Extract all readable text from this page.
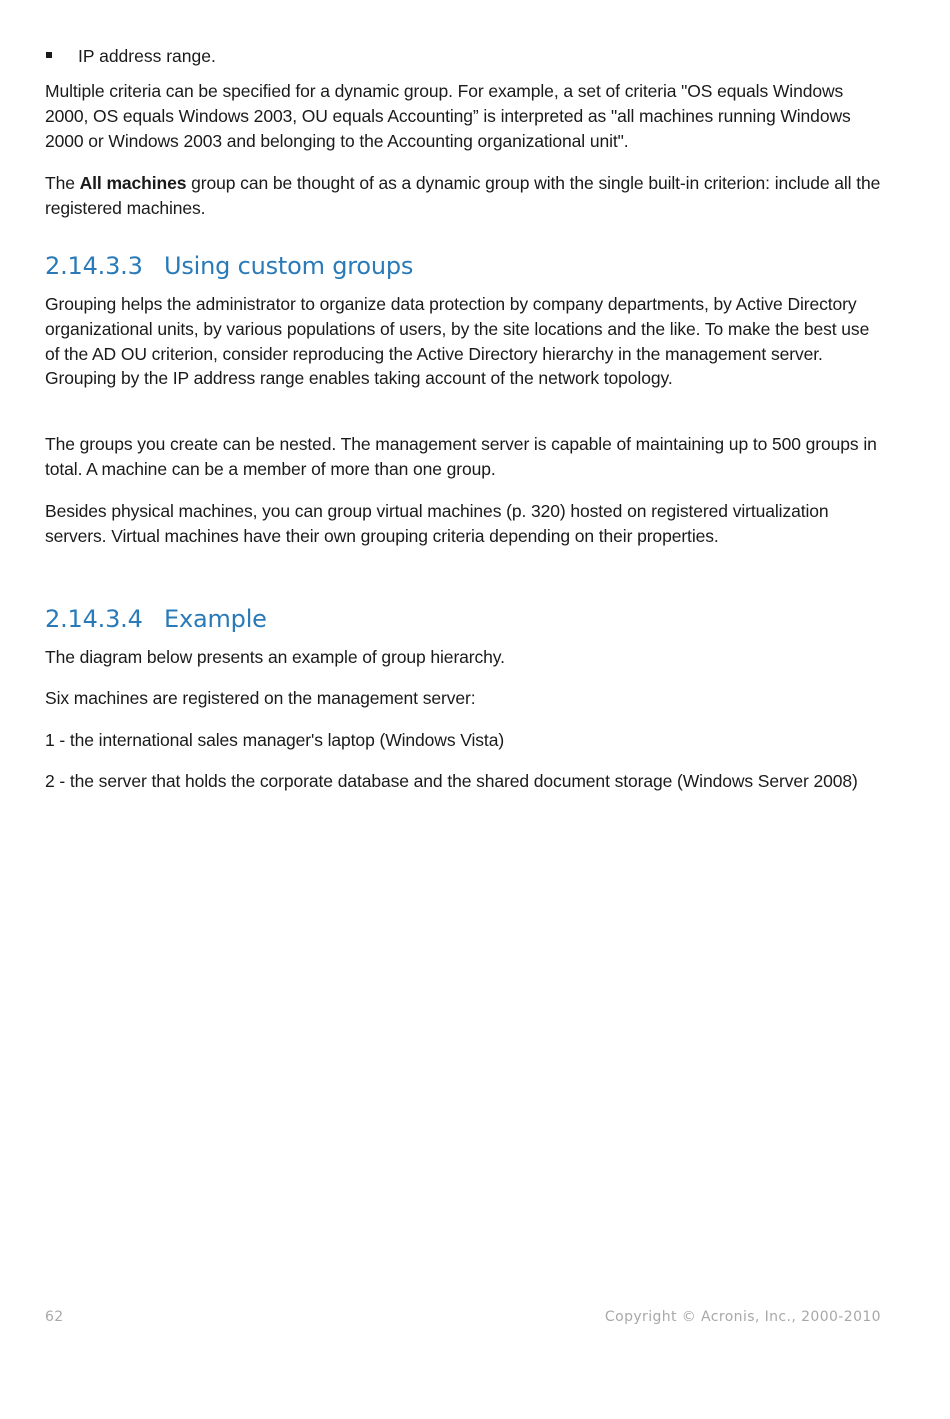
IP address range.

Multiple criteria can be specified for a dynamic group. For example, a set of criteria "OS equals Windows 2000, OS equals Windows 2003, OU equals Accounting” is interpreted as "all machines running Windows 2000 or Windows 2003 and belonging to the Accounting organizational unit".

The All machines group can be thought of as a dynamic group with the single built-in criterion: include all the registered machines.

2.14.3.3 Using custom groups

Grouping helps the administrator to organize data protection by company departments, by Active Directory organizational units, by various populations of users, by the site locations and the like. To make the best use of the AD OU criterion, consider reproducing the Active Directory hierarchy in the management server. Grouping by the IP address range enables taking account of the network topology.

The groups you create can be nested. The management server is capable of maintaining up to 500 groups in total. A machine can be a member of more than one group.

Besides physical machines, you can group virtual machines (p. 320) hosted on registered virtualization servers. Virtual machines have their own grouping criteria depending on their properties.

2.14.3.4 Example

The diagram below presents an example of group hierarchy.

Six machines are registered on the management server:

1 - the international sales manager's laptop (Windows Vista)

2 - the server that holds the corporate database and the shared document storage (Windows Server 2008)

62	Copyright © Acronis, Inc., 2000-2010
